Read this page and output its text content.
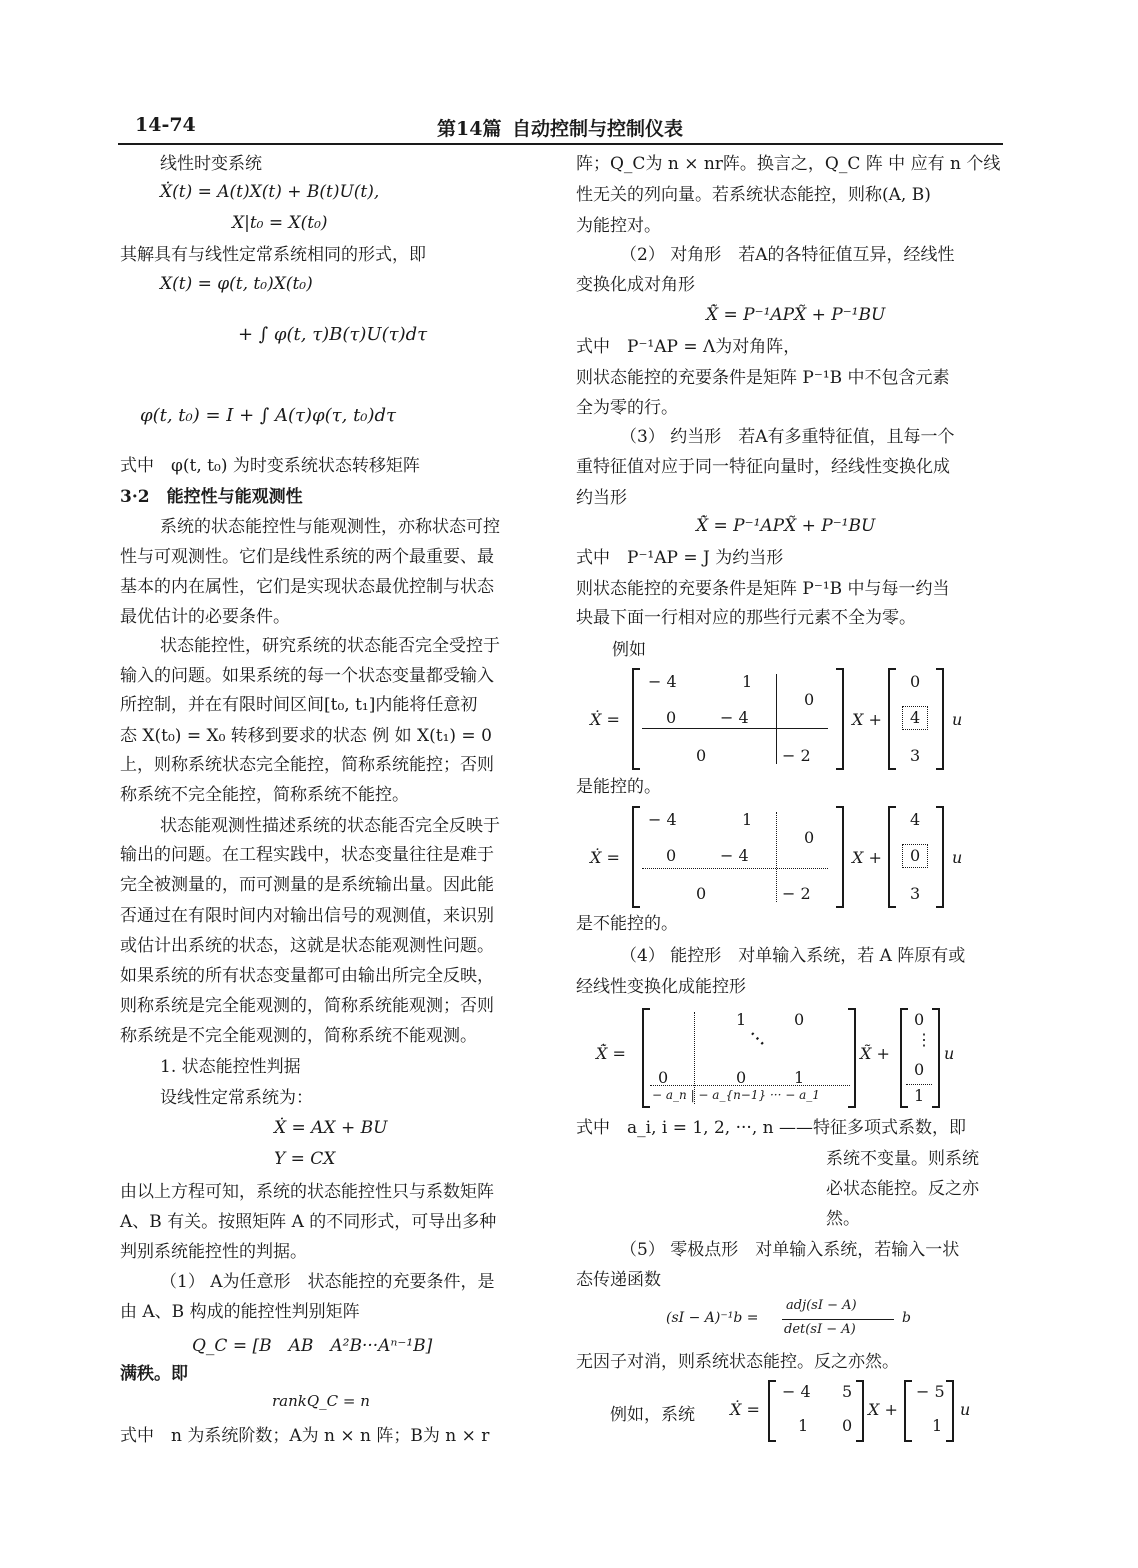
14-74	第14篇 自动控制与控制仪表
线性时变系统
Ẋ(t) = A(t)X(t) + B(t)U(t),
X|t₀ = X(t₀)
其解具有与线性定常系统相同的形式，即
X(t) = φ(t, t₀)X(t₀)
+ ∫ φ(t, τ)B(τ)U(τ)dτ
φ(t, t₀) = I + ∫ A(τ)φ(τ, t₀)dτ
式中　φ(t, t₀) 为时变系统状态转移矩阵
3·2　能控性与能观测性
系统的状态能控性与能观测性，亦称状态可控
性与可观测性。它们是线性系统的两个最重要、最
基本的内在属性，它们是实现状态最优控制与状态
最优估计的必要条件。
状态能控性，研究系统的状态能否完全受控于
输入的问题。如果系统的每一个状态变量都受输入
所控制，并在有限时间区间[t₀, t₁]内能将任意初
态 X(t₀) = X₀ 转移到要求的状态 例 如 X(t₁) = 0
上，则称系统状态完全能控，简称系统能控；否则
称系统不完全能控，简称系统不能控。
状态能观测性描述系统的状态能否完全反映于
输出的问题。在工程实践中，状态变量往往是难于
完全被测量的，而可测量的是系统输出量。因此能
否通过在有限时间内对输出信号的观测值，来识别
或估计出系统的状态，这就是状态能观测性问题。
如果系统的所有状态变量都可由输出所完全反映，
则称系统是完全能观测的，简称系统能观测；否则
称系统是不完全能观测的，简称系统不能观测。
1. 状态能控性判据
设线性定常系统为：
Ẋ = AX + BU
Y = CX
由以上方程可知，系统的状态能控性只与系数矩阵
A、B 有关。按照矩阵 A 的不同形式，可导出多种
判别系统能控性的判据。
（1） A为任意形　状态能控的充要条件，是
由 A、B 构成的能控性判别矩阵
Q_C = [B　AB　A²B···Aⁿ⁻¹B]
满秩。即
rankQ_C = n
式中　n 为系统阶数；A为 n × n 阵；B为 n × r
阵；Q_C为 n × nr阵。换言之，Q_C 阵 中 应有 n 个线
性无关的列向量。若系统状态能控，则称(A, B)
为能控对。
（2） 对角形　若A的各特征值互异，经线性
变换化成对角形
X̃̇ = P⁻¹APX̃ + P⁻¹BU
式中　P⁻¹AP = Λ为对角阵，
则状态能控的充要条件是矩阵 P⁻¹B 中不包含元素
全为零的行。
（3） 约当形　若A有多重特征值，且每一个
重特征值对应于同一特征向量时，经线性变换化成
约当形
X̃̇ = P⁻¹APX̃ + P⁻¹BU
式中　P⁻¹AP = J 为约当形
则状态能控的充要条件是矩阵 P⁻¹B 中与每一约当
块最下面一行相对应的那些行元素不全为零。
例如
Ẋ =
− 4	1
0
0	− 4
0	− 2
X +
0
4
3
u
是能控的。
Ẋ =
− 4	1
0
0	− 4
0	− 2
X +
4
0
3
u
是不能控的。
（4） 能控形　对单输入系统，若 A 阵原有或
经线性变换化成能控形
X̃̇ =
1	0
⋯
0	0	1
− a_n | − a_{n−1} ··· − a_1
X̃ +
0
⋮
0
1
u
式中　a_i, i = 1, 2, ···, n ——特征多项式系数，即
系统不变量。则系统
必状态能控。反之亦
然。
（5） 零极点形　对单输入系统，若输入一状
态传递函数
(sI − A)⁻¹b =
adj(sI − A)
det(sI − A)
b
无因子对消，则系统状态能控。反之亦然。
例如，系统 Ẋ =
− 4 5
1 0
X +
− 5
1
u
